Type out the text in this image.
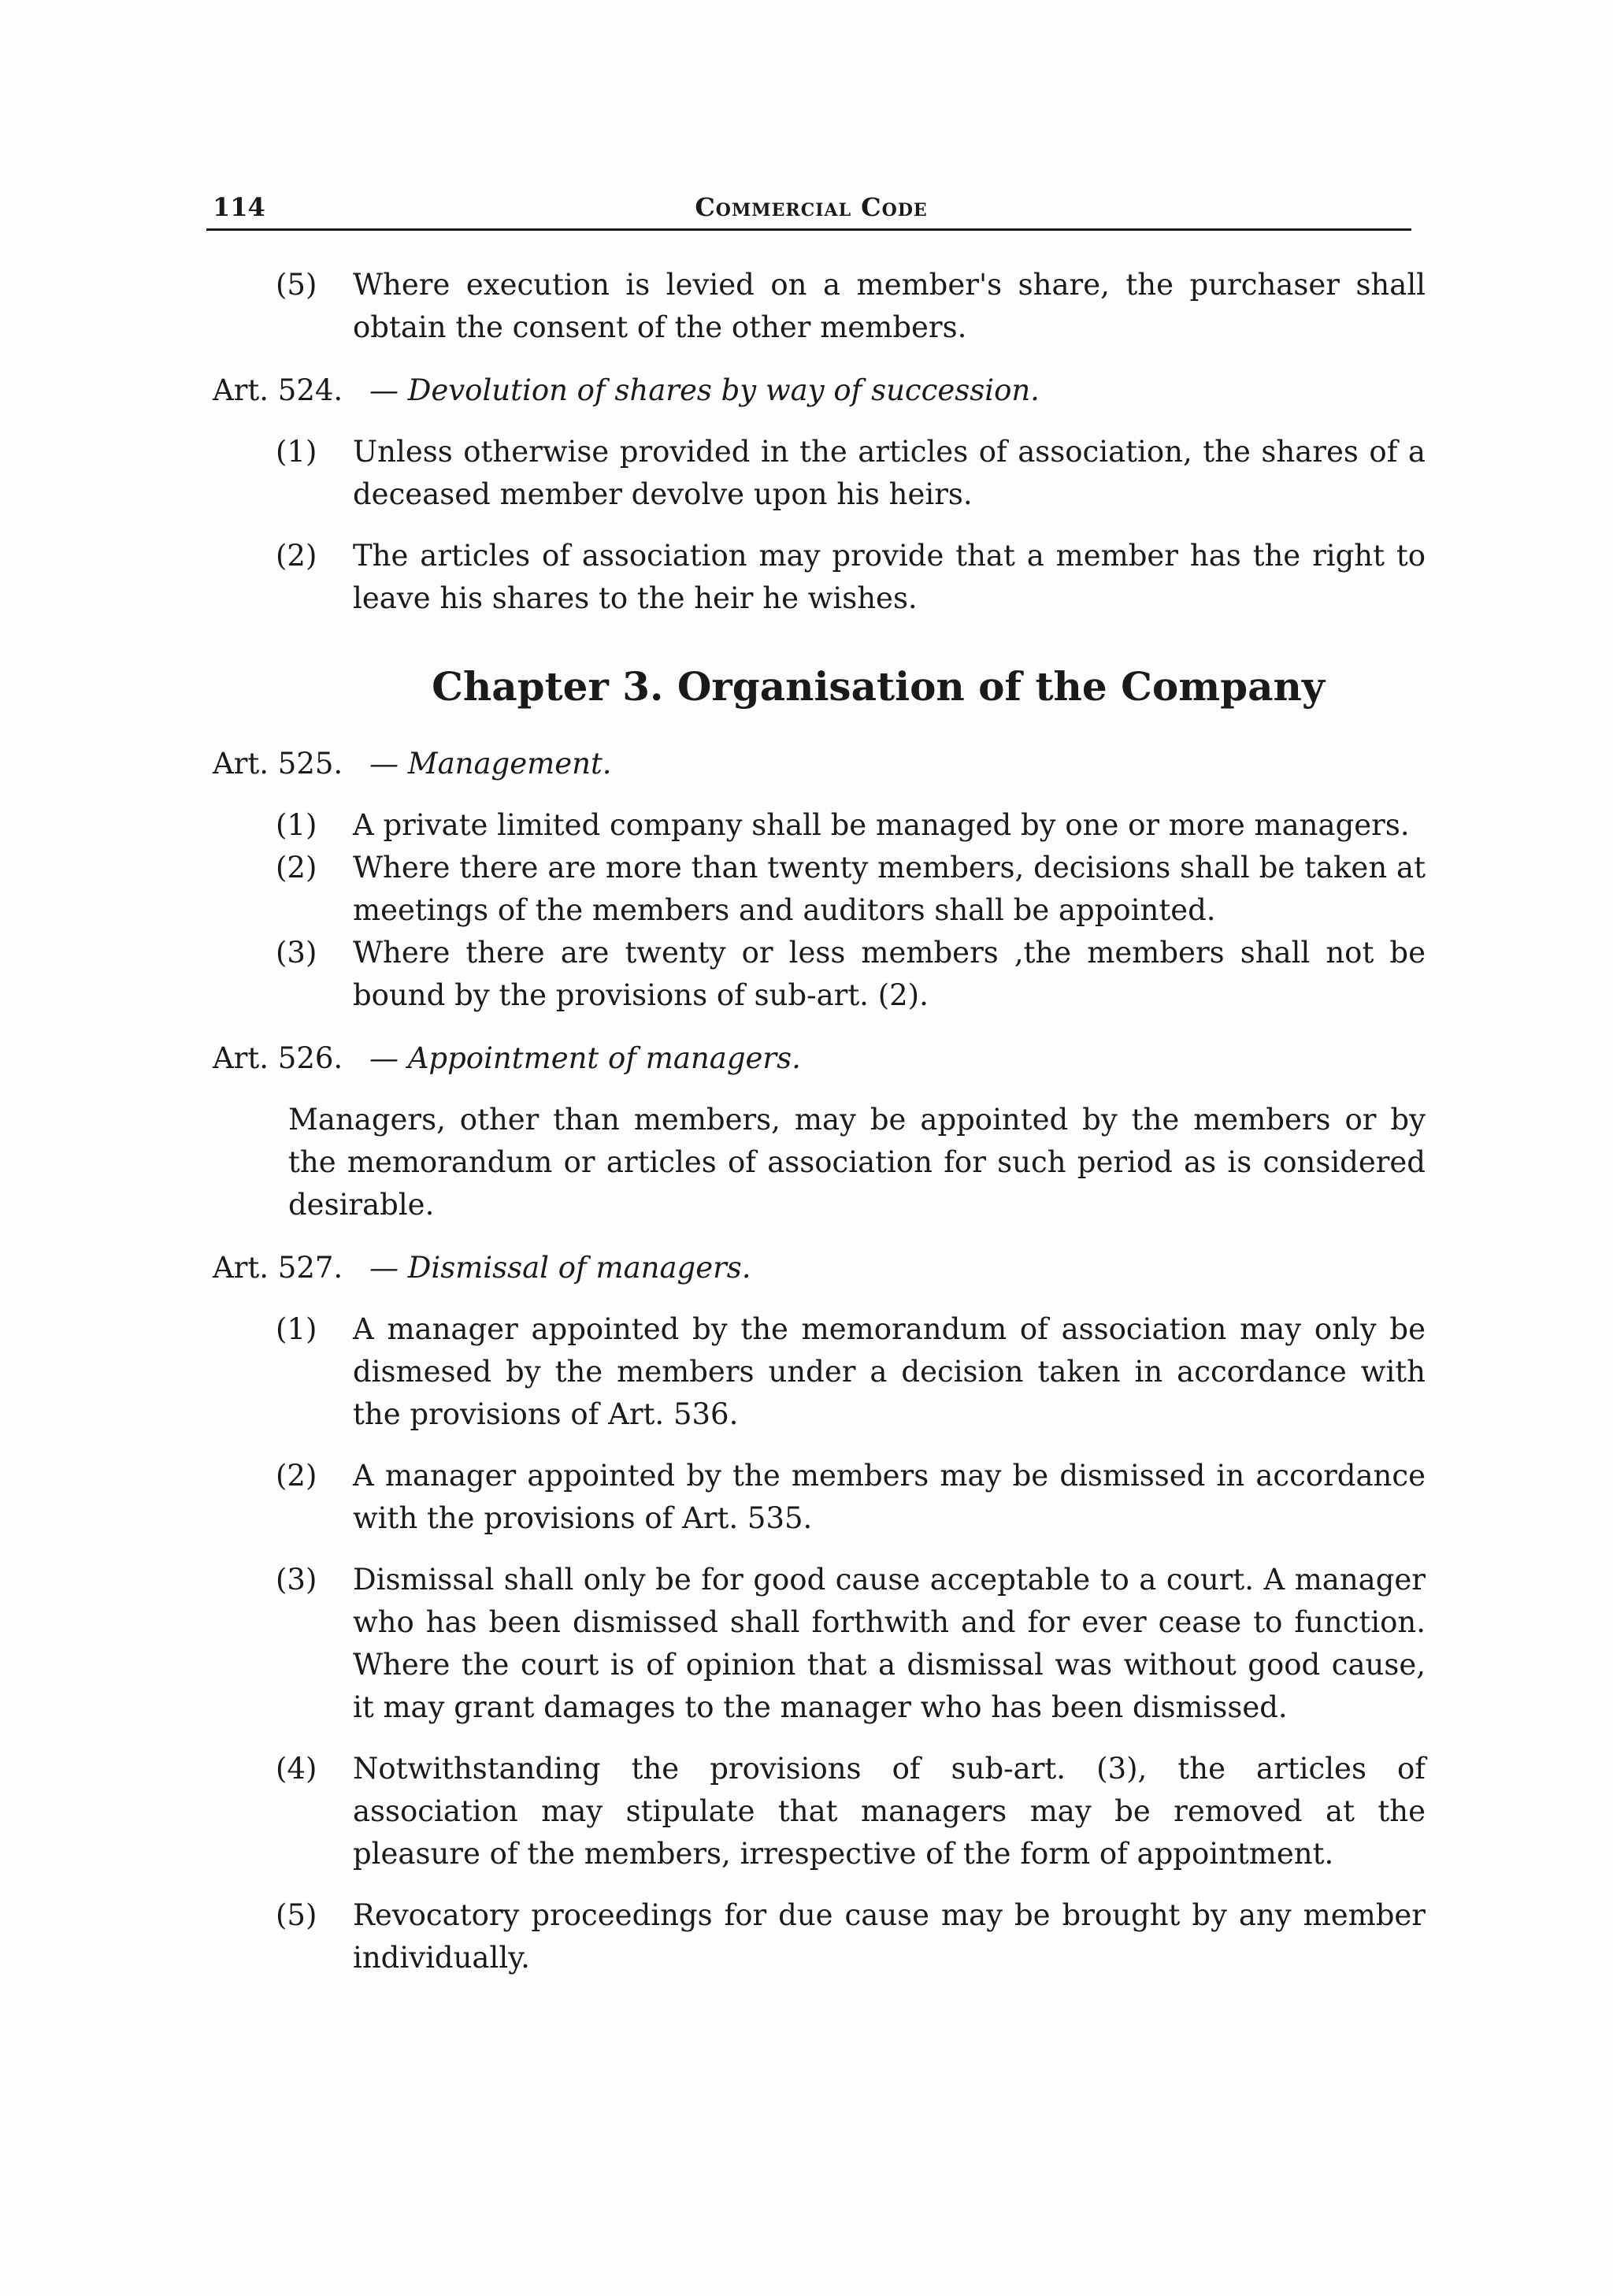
114	Commercial Code
(5) Where execution is levied on a member's share, the purchaser shall obtain the consent of the other members.
Art. 524. — Devolution of shares by way of succession.
(1) Unless otherwise provided in the articles of association, the shares of a deceased member devolve upon his heirs.
(2) The articles of association may provide that a member has the right to leave his shares to the heir he wishes.
Chapter 3. Organisation of the Company
Art. 525. — Management.
(1) A private limited company shall be managed by one or more managers.
(2) Where there are more than twenty members, decisions shall be taken at meetings of the members and auditors shall be appointed.
(3) Where there are twenty or less members ,the members shall not be bound by the provisions of sub-art. (2).
Art. 526. — Appointment of managers.
Managers, other than members, may be appointed by the members or by the memorandum or articles of association for such period as is considered desirable.
Art. 527. — Dismissal of managers.
(1) A manager appointed by the memorandum of association may only be dismesed by the members under a decision taken in accordance with the provisions of Art. 536.
(2) A manager appointed by the members may be dismissed in accordance with the provisions of Art. 535.
(3) Dismissal shall only be for good cause acceptable to a court. A manager who has been dismissed shall forthwith and for ever cease to function. Where the court is of opinion that a dismissal was without good cause, it may grant damages to the manager who has been dismissed.
(4) Notwithstanding the provisions of sub-art. (3), the articles of association may stipulate that managers may be removed at the pleasure of the members, irrespective of the form of appointment.
(5) Revocatory proceedings for due cause may be brought by any member individually.
